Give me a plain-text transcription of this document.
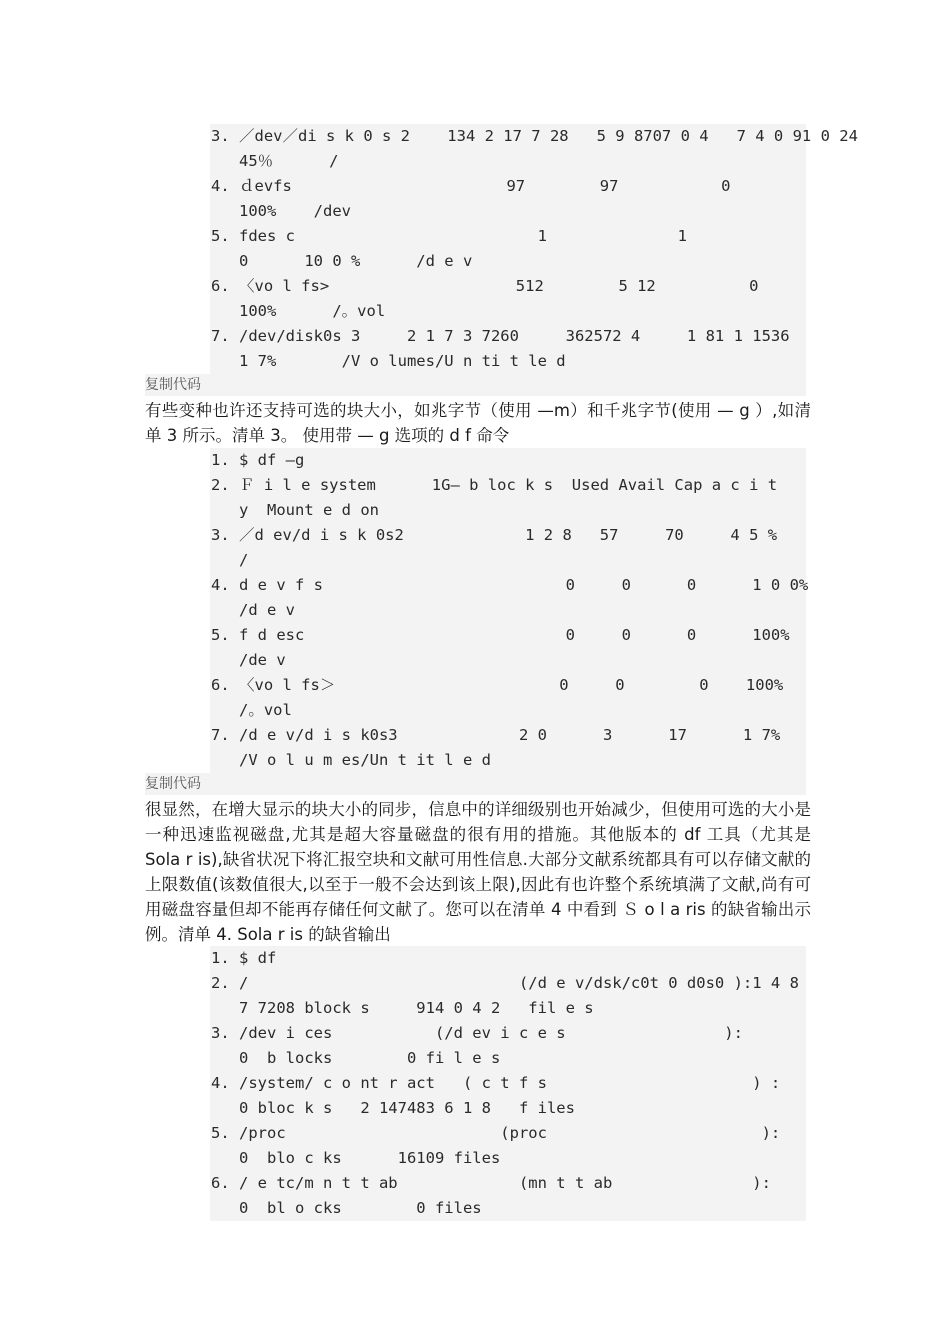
3. ／dev／di s k 0 s 2    134 2 17 7 28   5 9 8707 0 4   7 4 0 91 0 24
45％      /
4. ｄevfs                       97        97           0
100%    /dev
5. fdes c                          1              1
0      10 0 %      /d e v
6. 〈vo l fs>                    512        5 12          0
100%      /。vol
7. /dev/disk0s 3     2 1 7 3 7260     362572 4     1 81 1 1536
1 7%       /V o lumes/U n ti t le d
复制代码
有些变种也许还支持可选的块大小，如兆字节（使用 —m）和千兆字节(使用 — g ）,如清单 3 所示。清单 3。 使用带 — g 选项的 d f 命令
1. $ df —g
2. Ｆ i l e system      1G— b loc k s  Used Avail Cap a c i t
y  Mount e d on
3. ／d ev/d i s k 0s2             1 2 8   57     70     4 5 %
/
4. d e v f s                          0     0      0      1 0 0%
/d e v
5. f d esc                            0     0      0      100%
/de v
6. 〈vo l fs＞                        0     0        0    100%
/。vol
7. /d e v/d i s k0s3             2 0      3      17      1 7%
/V o l u m es/Un t it l e d
复制代码
很显然，在增大显示的块大小的同步，信息中的详细级别也开始减少，但使用可选的大小是一种迅速监视磁盘,尤其是超大容量磁盘的很有用的措施。其他版本的 df 工具（尤其是 Sola r is),缺省状况下将汇报空块和文献可用性信息.大部分文献系统都具有可以存储文献的上限数值(该数值很大,以至于一般不会达到该上限),因此有也许整个系统填满了文献,尚有可用磁盘容量但却不能再存储任何文献了。您可以在清单 4 中看到 Ｓ o l a ris 的缺省输出示例。清单 4. Sola r is 的缺省输出
1. $ df
2. /                             (/d e v/dsk/c0t 0 d0s0 ):1 4 8
7 7208 block s     914 0 4 2   fil e s
3. /dev i ces           (/d ev i c e s                 ):
0  b locks        0 fi l e s
4. /system/ c o nt r act   ( c t f s                      ) :
0 bloc k s   2 147483 6 1 8   f iles
5. /proc                       (proc                       ):
0  blo c ks      16109 files
6. / e tc/m n t t ab             (mn t t ab               ):
0  bl o cks        0 files
